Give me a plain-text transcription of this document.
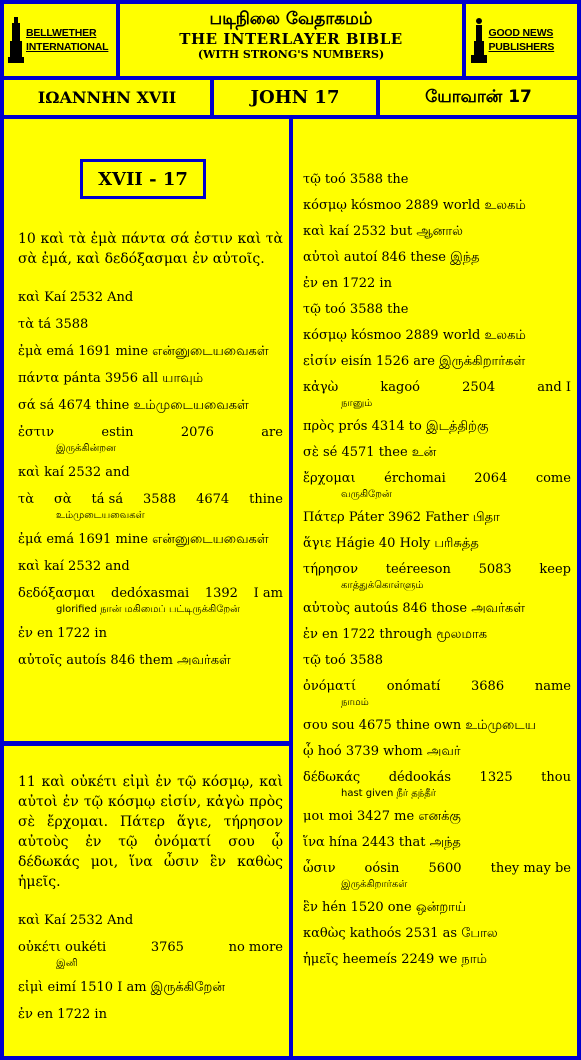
BELLWETHER INTERNATIONAL
படிநிலை வேதாகமம்
THE INTERLAYER BIBLE
(WITH STRONG'S NUMBERS)
GOOD NEWS PUBLISHERS
ΙΩΑΝΝΗΝ XVII	JOHN 17	யோவான் 17
XVII - 17

10 καὶ τὰ ἐμὰ πάντα σά ἐστιν καὶ τὰ σὰ ἐμά, καὶ δεδόξασμαι ἐν αὐτοῖς.

καὶ Kaí 2532 And
τὰ tá 3588
ἐμὰ emá 1691 mine என்னுடையவைகள்
πάντα pánta 3956 all யாவும்
σά sá 4674 thine உம்முடையவைகள்
ἐστιν	estin	2076	are
இருக்கின்றன
καὶ kaí 2532 and
τὰ σὰ tá sá 3588 4674 thine
உம்முடையவைகள்
ἐμά emá 1691 mine என்னுடையவைகள்
καὶ kaí 2532 and
δεδόξασμαι dedóxasmai 1392 I am
glorified நான் மகிமைப் பட்டிருக்கிறேன்
ἐν en 1722 in
αὐτοῖς autoís 846 them அவர்கள்

11 καὶ οὐκέτι εἰμὶ ἐν τῷ κόσμῳ, καὶ αὐτοὶ ἐν τῷ κόσμῳ εἰσίν, κἀγὼ πρὸς σὲ ἔρχομαι. Πάτερ ἅγιε, τήρησον αὐτοὺς ἐν τῷ ὀνόματί σου ᾧ δέδωκάς μοι, ἵνα ὦσιν ἓν καθὼς ἡμεῖς.

καὶ Kaí 2532 And
οὐκέτι oukéti	3765	no more
இனி
εἰμὶ eimí 1510 I am இருக்கிறேன்
ἐν en 1722 in
τῷ toó 3588 the
κόσμῳ kósmoo 2889 world உலகம்
καὶ kaí 2532 but ஆனால்
αὐτοὶ autoí 846 these இந்த
ἐν en 1722 in
τῷ toó 3588 the
κόσμῳ kósmoo 2889 world உலகம்
εἰσίν eisín 1526 are இருக்கிறார்கள்
κἀγὼ	kagoó	2504	and I
நானும்
πρὸς prós 4314 to இடத்திற்கு
σὲ sé 4571 thee உன்
ἔρχομαι érchomai 2064 come
வருகிறேன்
Πάτερ Páter 3962 Father பிதா
ἅγιε Hágie 40 Holy பரிசுத்த
τήρησον teéreeson 5083 keep
காத்துக்கொள்ளும்
αὐτοὺς autoús 846 those அவர்கள்
ἐν en 1722 through மூலமாக
τῷ toó 3588
ὀνόματί onómatí 3686 name
நாமம்
σου sou 4675 thine own உம்முடைய
ᾧ hoó 3739 whom அவர்
δέδωκάς dédookás 1325 thou
hast given நீர் தந்தீர்
μοι moi 3427 me எனக்கு
ἵνα hína 2443 that அந்த
ὦσιν oósin 5600 they may be
இருக்கிறார்கள்
ἓν hén 1520 one ஒன்றாய்
καθὼς kathoós 2531 as போல
ἡμεῖς heemeís 2249 we நாம்
